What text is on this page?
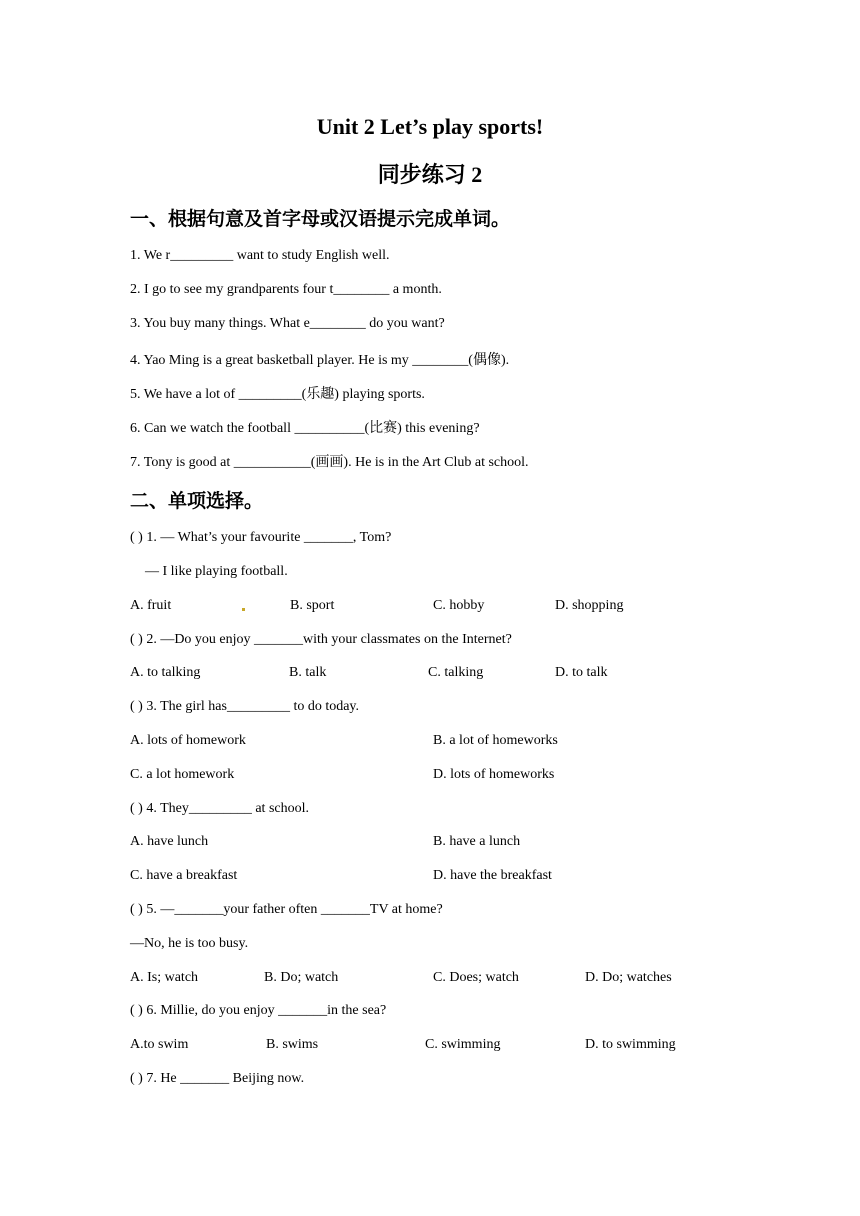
Unit 2 Let’s play sports!
同步练习 2
一、根据句意及首字母或汉语提示完成单词。
1. We r_________ want to study English well.
2. I go to see my grandparents four t________ a month.
3. You buy many things. What e________ do you want?
4. Yao Ming is a great basketball player. He is my ________(偶像).
5. We have a lot of _________(乐趣) playing sports.
6. Can we watch the football __________(比赛) this evening?
7. Tony is good at ___________(画画). He is in the Art Club at school.
二、单项选择。
( ) 1. — What’s your favourite _______, Tom?
— I like playing football.
A. fruit	B. sport	C. hobby	D. shopping
( ) 2. —Do you enjoy _______with your classmates on the Internet?
A. to talking	B. talk	C. talking	D. to talk
( ) 3. The girl has_________ to do today.
A. lots of homework	B. a lot of homeworks
C. a lot homework	D. lots of homeworks
( ) 4. They_________ at school.
A. have lunch	B. have a lunch
C. have a breakfast	D. have the breakfast
( ) 5. —_______your father often _______TV at home?
—No, he is too busy.
A. Is; watch	B. Do; watch	C. Does; watch	D. Do; watches
( ) 6. Millie, do you enjoy _______in the sea?
A.to swim	B. swims	C. swimming	D. to swimming
( ) 7. He _______ Beijing now.
